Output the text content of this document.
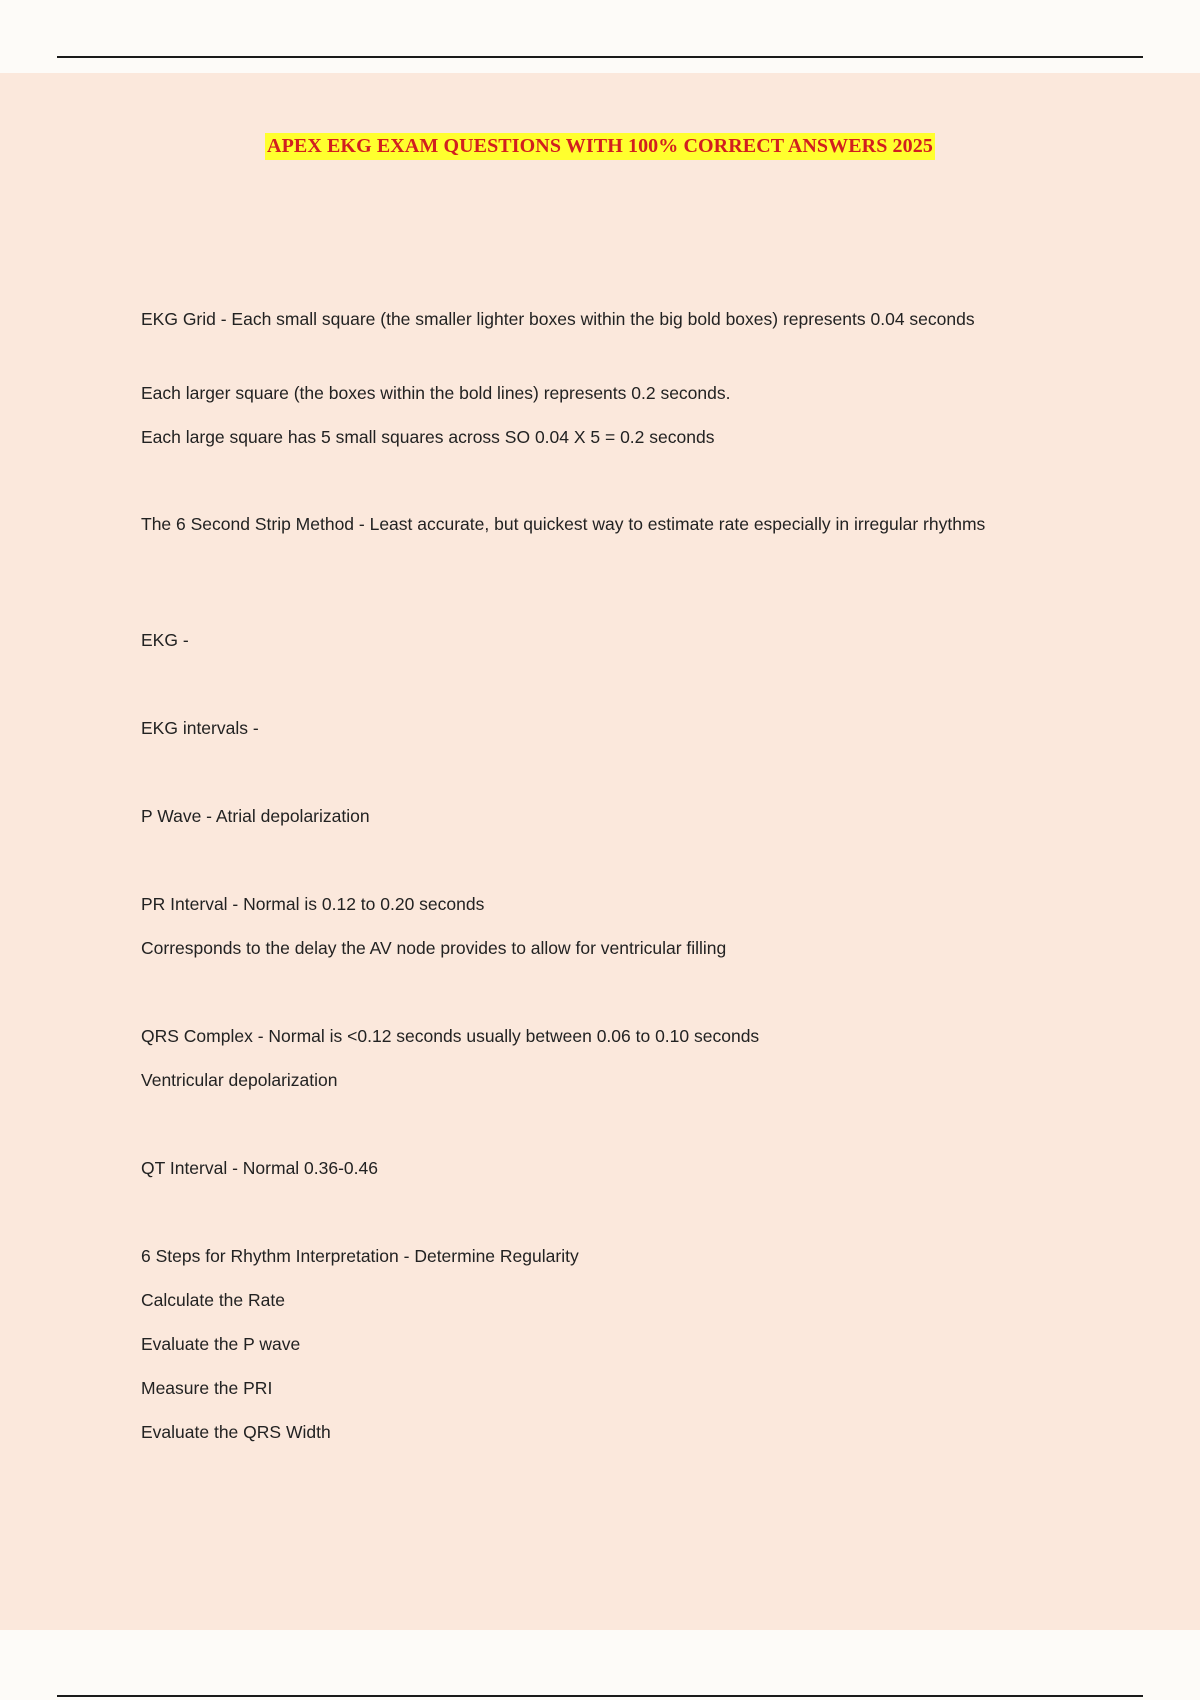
APEX EKG EXAM QUESTIONS WITH 100% CORRECT ANSWERS 2025

EKG Grid - Each small square (the smaller lighter boxes within the big bold boxes) represents 0.04 seconds

Each larger square (the boxes within the bold lines) represents 0.2 seconds.

Each large square has 5 small squares across SO 0.04 X 5 = 0.2 seconds

The 6 Second Strip Method - Least accurate, but quickest way to estimate rate especially in irregular rhythms

EKG -

EKG intervals -

P Wave - Atrial depolarization

PR Interval - Normal is 0.12 to 0.20 seconds

Corresponds to the delay the AV node provides to allow for ventricular filling

QRS Complex - Normal is <0.12 seconds usually between 0.06 to 0.10 seconds

Ventricular depolarization

QT Interval - Normal 0.36-0.46

6 Steps for Rhythm Interpretation - Determine Regularity

Calculate the Rate

Evaluate the P wave

Measure the PRI

Evaluate the QRS Width
